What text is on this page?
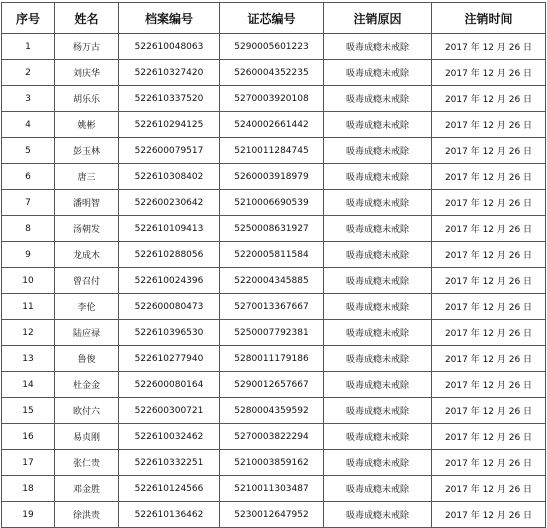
序号	姓名	档案编号	证芯编号	注销原因	注销时间
1	杨万古	522610048063	5290005601223	吸毒成瘾未戒除	2017 年 12 月 26 日
2	刘庆华	522610327420	5260004352235	吸毒成瘾未戒除	2017 年 12 月 26 日
3	胡乐乐	522610337520	5270003920108	吸毒成瘾未戒除	2017 年 12 月 26 日
4	姚彬	522610294125	5240002661442	吸毒成瘾未戒除	2017 年 12 月 26 日
5	彭玉林	522600079517	5210011284745	吸毒成瘾未戒除	2017 年 12 月 26 日
6	唐三	522610308402	5260003918979	吸毒成瘾未戒除	2017 年 12 月 26 日
7	潘明智	522600230642	5210006690539	吸毒成瘾未戒除	2017 年 12 月 26 日
8	汤朝发	522610109413	5250008631927	吸毒成瘾未戒除	2017 年 12 月 26 日
9	龙成木	522610288056	5220005811584	吸毒成瘾未戒除	2017 年 12 月 26 日
10	曾召付	522610024396	5220004345885	吸毒成瘾未戒除	2017 年 12 月 26 日
11	李伦	522600080473	5270013367667	吸毒成瘾未戒除	2017 年 12 月 26 日
12	陆应禄	522610396530	5250007792381	吸毒成瘾未戒除	2017 年 12 月 26 日
13	鲁俊	522610277940	5280011179186	吸毒成瘾未戒除	2017 年 12 月 26 日
14	杜金金	522600080164	5290012657667	吸毒成瘾未戒除	2017 年 12 月 26 日
15	欧付六	522600300721	5280004359592	吸毒成瘾未戒除	2017 年 12 月 26 日
16	易贞刚	522610032462	5270003822294	吸毒成瘾未戒除	2017 年 12 月 26 日
17	张仁贵	522610332251	5210003859162	吸毒成瘾未戒除	2017 年 12 月 26 日
18	邓金胜	522610124566	5210011303487	吸毒成瘾未戒除	2017 年 12 月 26 日
19	徐洪贵	522610136462	5230012647952	吸毒成瘾未戒除	2017 年 12 月 26 日
